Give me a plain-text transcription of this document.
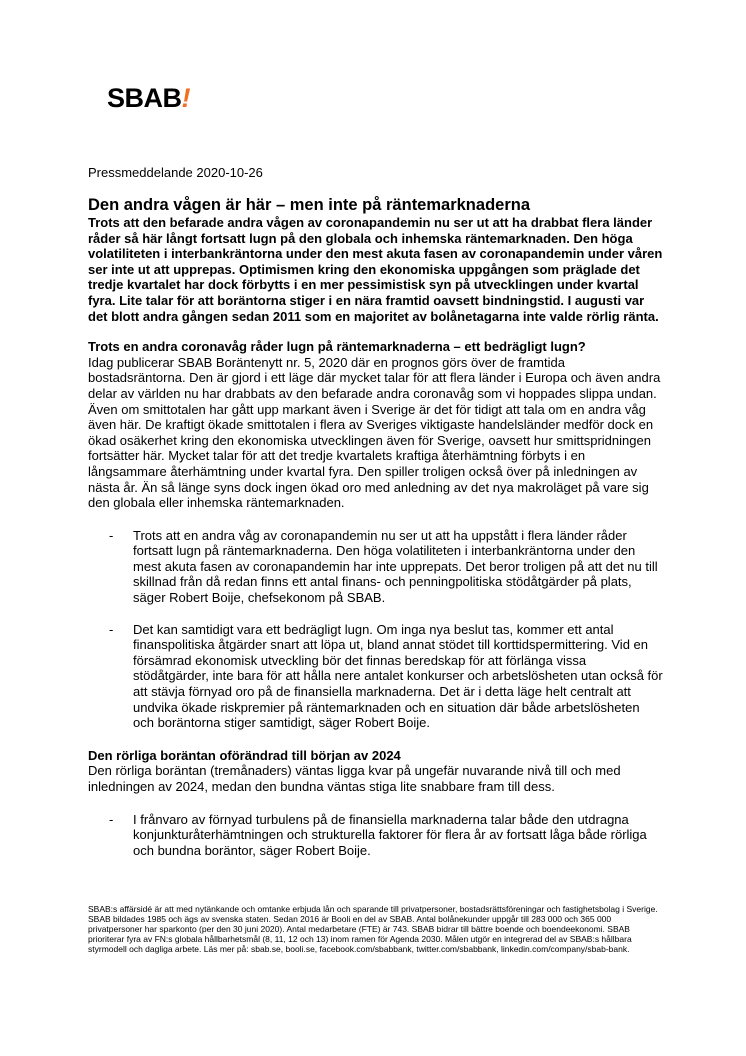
SBAB!
Pressmeddelande 2020-10-26
Den andra vågen är här – men inte på räntemarknaderna

Trots att den befarade andra vågen av coronapandemin nu ser ut att ha drabbat flera länder råder så här långt fortsatt lugn på den globala och inhemska räntemarknaden. Den höga volatiliteten i interbankräntorna under den mest akuta fasen av coronapandemin under våren ser inte ut att upprepas. Optimismen kring den ekonomiska uppgången som präglade det tredje kvartalet har dock förbytts i en mer pessimistisk syn på utvecklingen under kvartal fyra. Lite talar för att boräntorna stiger i en nära framtid oavsett bindningstid. I augusti var det blott andra gången sedan 2011 som en majoritet av bolånetagarna inte valde rörlig ränta.

Trots en andra coronavåg råder lugn på räntemarknaderna – ett bedrägligt lugn?

Idag publicerar SBAB Boräntenytt nr. 5, 2020 där en prognos görs över de framtida bostadsräntorna. Den är gjord i ett läge där mycket talar för att flera länder i Europa och även andra delar av världen nu har drabbats av den befarade andra coronavåg som vi hoppades slippa undan. Även om smittotalen har gått upp markant även i Sverige är det för tidigt att tala om en andra våg även här. De kraftigt ökade smittotalen i flera av Sveriges viktigaste handelsländer medför dock en ökad osäkerhet kring den ekonomiska utvecklingen även för Sverige, oavsett hur smittspridningen fortsätter här. Mycket talar för att det tredje kvartalets kraftiga återhämtning förbyts i en långsammare återhämtning under kvartal fyra. Den spiller troligen också över på inledningen av nästa år. Än så länge syns dock ingen ökad oro med anledning av det nya makroläget på vare sig den globala eller inhemska räntemarknaden.

- Trots att en andra våg av coronapandemin nu ser ut att ha uppstått i flera länder råder fortsatt lugn på räntemarknaderna. Den höga volatiliteten i interbankräntorna under den mest akuta fasen av coronapandemin har inte upprepats. Det beror troligen på att det nu till skillnad från då redan finns ett antal finans- och penningpolitiska stödåtgärder på plats, säger Robert Boije, chefsekonom på SBAB.
- Det kan samtidigt vara ett bedrägligt lugn. Om inga nya beslut tas, kommer ett antal finanspolitiska åtgärder snart att löpa ut, bland annat stödet till korttidspermittering. Vid en försämrad ekonomisk utveckling bör det finnas beredskap för att förlänga vissa stödåtgärder, inte bara för att hålla nere antalet konkurser och arbetslösheten utan också för att stävja förnyad oro på de finansiella marknaderna. Det är i detta läge helt centralt att undvika ökade riskpremier på räntemarknaden och en situation där både arbetslösheten och boräntorna stiger samtidigt, säger Robert Boije.
Den rörliga boräntan oförändrad till början av 2024

Den rörliga boräntan (tremånaders) väntas ligga kvar på ungefär nuvarande nivå till och med inledningen av 2024, medan den bundna väntas stiga lite snabbare fram till dess.

- I frånvaro av förnyad turbulens på de finansiella marknaderna talar både den utdragna konjunkturåterhämtningen och strukturella faktorer för flera år av fortsatt låga både rörliga och bundna boräntor, säger Robert Boije.
SBAB:s affärsidé är att med nytänkande och omtanke erbjuda lån och sparande till privatpersoner, bostadsrättsföreningar och fastighetsbolag i Sverige. SBAB bildades 1985 och ägs av svenska staten. Sedan 2016 är Booli en del av SBAB. Antal bolånekunder uppgår till 283 000 och 365 000 privatpersoner har sparkonto (per den 30 juni 2020). Antal medarbetare (FTE) är 743. SBAB bidrar till bättre boende och boendeekonomi. SBAB prioriterar fyra av FN:s globala hållbarhetsmål (8, 11, 12 och 13) inom ramen för Agenda 2030. Målen utgör en integrerad del av SBAB:s hållbara styrmodell och dagliga arbete. Läs mer på: sbab.se, booli.se, facebook.com/sbabbank, twitter.com/sbabbank, linkedin.com/company/sbab-bank.
